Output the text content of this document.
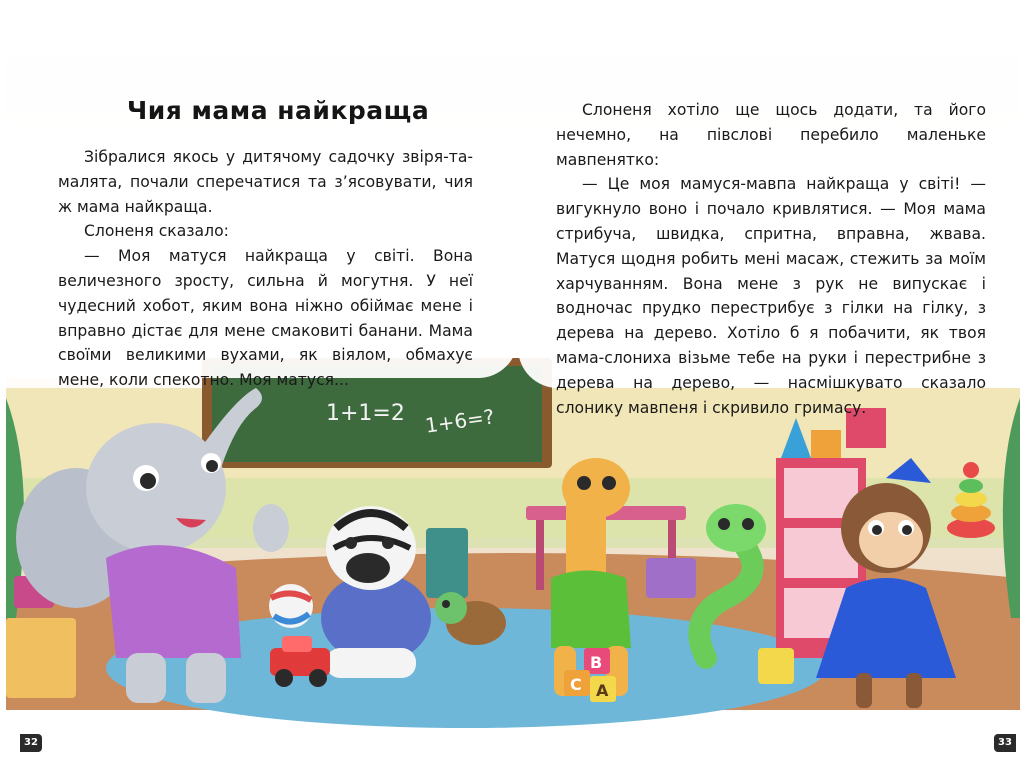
1+1=2 1+6=?
B
C A
Чия мама найкраща

Зібралися якось у дитячому садочку звіря-та-малята, почали сперечатися та з’ясовувати, чия ж мама найкраща.

Слоненя сказало:

— Моя матуся найкраща у світі. Вона величезного зросту, сильна й могутня. У неї чудесний хобот, яким вона ніжно обіймає мене і вправно дістає для мене смаковиті банани. Мама своїми великими вухами, як віялом, обмахує мене, коли спекотно. Моя матуся...

Слоненя хотіло ще щось додати, та його нечемно, на півслові перебило маленьке мавпенятко:

— Це моя мамуся-мавпа найкраща у світі! — вигукнуло воно і почало кривлятися. — Моя мама стрибуча, швидка, спритна, вправна, жвава. Матуся щодня робить мені масаж, стежить за моїм харчуванням. Вона мене з рук не випускає і водночас прудко перестрибує з гілки на гілку, з дерева на дерево. Хотіло б я побачити, як твоя мама-слониха візьме тебе на руки і перестрибне з дерева на дерево, — насмішкувато сказало слонику мавпеня і скривило гримасу.

32	33
